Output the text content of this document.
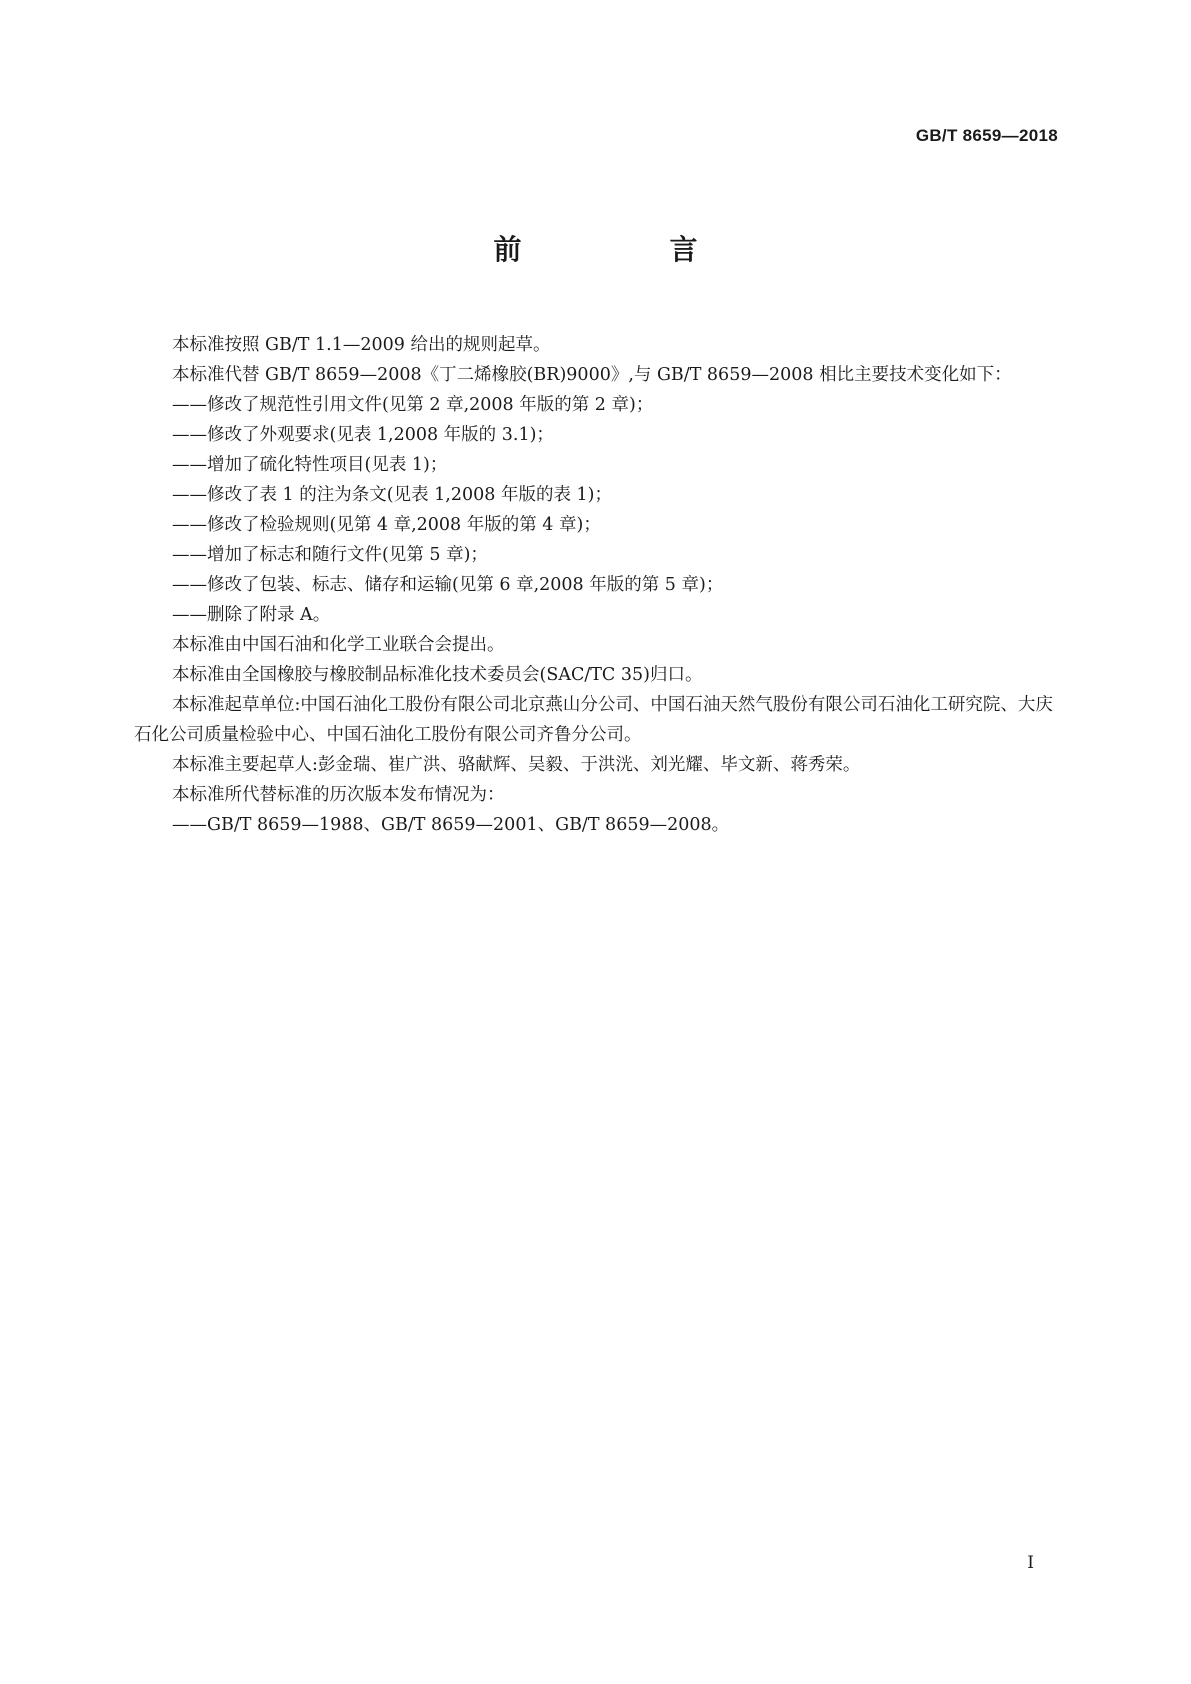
GB/T 8659—2018
前　言

本标准按照 GB/T 1.1—2009 给出的规则起草。

本标准代替 GB/T 8659—2008《丁二烯橡胶(BR)9000》,与 GB/T 8659—2008 相比主要技术变化如下：

——修改了规范性引用文件(见第 2 章,2008 年版的第 2 章)；

——修改了外观要求(见表 1,2008 年版的 3.1)；

——增加了硫化特性项目(见表 1)；

——修改了表 1 的注为条文(见表 1,2008 年版的表 1)；

——修改了检验规则(见第 4 章,2008 年版的第 4 章)；

——增加了标志和随行文件(见第 5 章)；

——修改了包装、标志、储存和运输(见第 6 章,2008 年版的第 5 章)；

——删除了附录 A。

本标准由中国石油和化学工业联合会提出。

本标准由全国橡胶与橡胶制品标准化技术委员会(SAC/TC 35)归口。

本标准起草单位:中国石油化工股份有限公司北京燕山分公司、中国石油天然气股份有限公司石油化工研究院、大庆石化公司质量检验中心、中国石油化工股份有限公司齐鲁分公司。

本标准主要起草人:彭金瑞、崔广洪、骆献辉、吴毅、于洪洸、刘光耀、毕文新、蒋秀荣。

本标准所代替标准的历次版本发布情况为：

——GB/T 8659—1988、GB/T 8659—2001、GB/T 8659—2008。

I
